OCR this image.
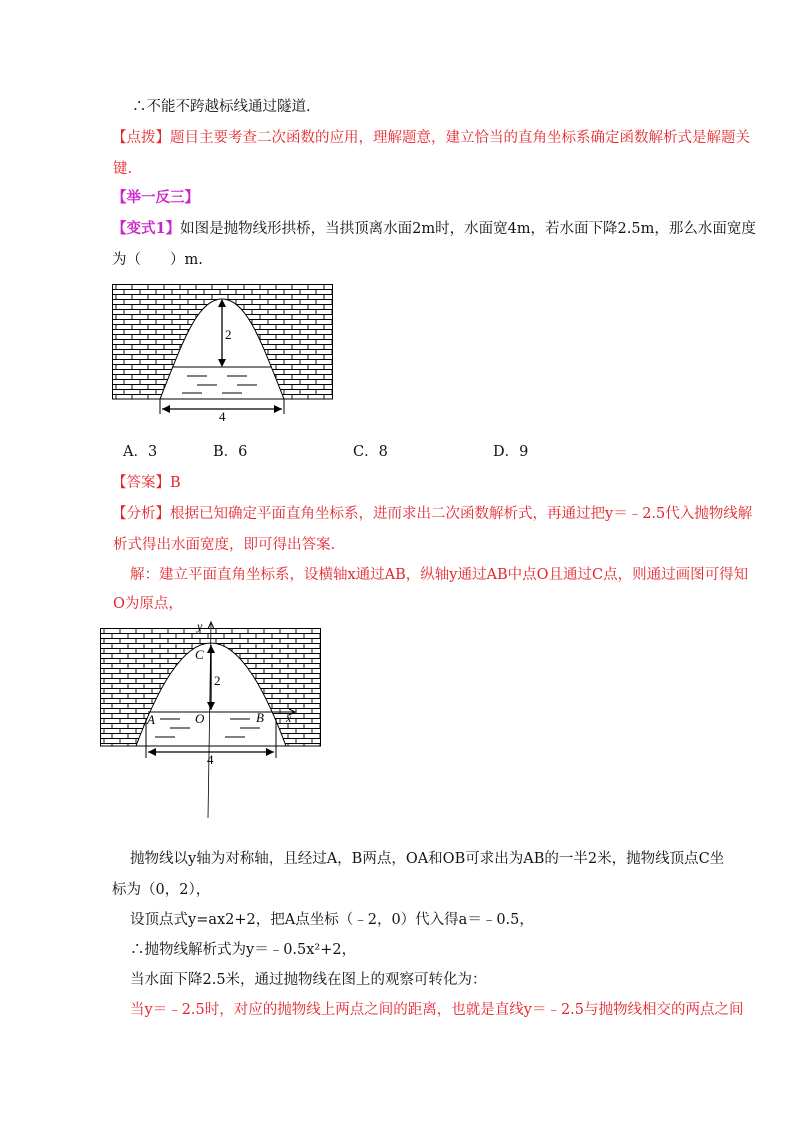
∴不能不跨越标线通过隧道.
【点拨】题目主要考查二次函数的应用，理解题意，建立恰当的直角坐标系确定函数解析式是解题关
键.
【举一反三】
【变式1】如图是抛物线形拱桥，当拱顶离水面2m时，水面宽4m，若水面下降2.5m，那么水面宽度
为（　　）m.
2
4
A．3	B．6	C．8	D．9
【答案】B
【分析】根据已知确定平面直角坐标系，进而求出二次函数解析式，再通过把y＝﹣2.5代入抛物线解
析式得出水面宽度，即可得出答案.
解：建立平面直角坐标系，设横轴x通过AB，纵轴y通过AB中点O且通过C点，则通过画图可得知
O为原点，
y
x
C
O
A	B
2
4
抛物线以y轴为对称轴，且经过A，B两点，OA和OB可求出为AB的一半2米，抛物线顶点C坐
标为（0，2），
设顶点式y=ax2+2，把A点坐标（﹣2，0）代入得a＝﹣0.5，
∴抛物线解析式为y＝﹣0.5x²+2，
当水面下降2.5米，通过抛物线在图上的观察可转化为：
当y＝﹣2.5时，对应的抛物线上两点之间的距离，也就是直线y＝﹣2.5与抛物线相交的两点之间
